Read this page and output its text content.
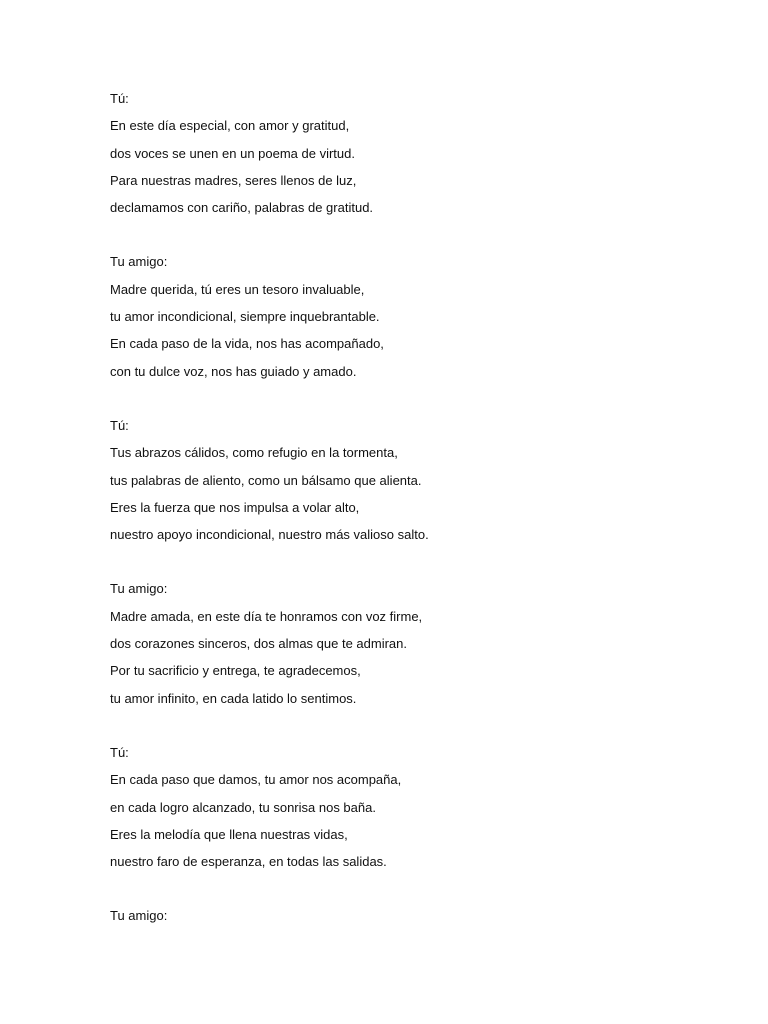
Tú:
En este día especial, con amor y gratitud,
dos voces se unen en un poema de virtud.
Para nuestras madres, seres llenos de luz,
declamamos con cariño, palabras de gratitud.
Tu amigo:
Madre querida, tú eres un tesoro invaluable,
tu amor incondicional, siempre inquebrantable.
En cada paso de la vida, nos has acompañado,
con tu dulce voz, nos has guiado y amado.
Tú:
Tus abrazos cálidos, como refugio en la tormenta,
tus palabras de aliento, como un bálsamo que alienta.
Eres la fuerza que nos impulsa a volar alto,
nuestro apoyo incondicional, nuestro más valioso salto.
Tu amigo:
Madre amada, en este día te honramos con voz firme,
dos corazones sinceros, dos almas que te admiran.
Por tu sacrificio y entrega, te agradecemos,
tu amor infinito, en cada latido lo sentimos.
Tú:
En cada paso que damos, tu amor nos acompaña,
en cada logro alcanzado, tu sonrisa nos baña.
Eres la melodía que llena nuestras vidas,
nuestro faro de esperanza, en todas las salidas.
Tu amigo:
